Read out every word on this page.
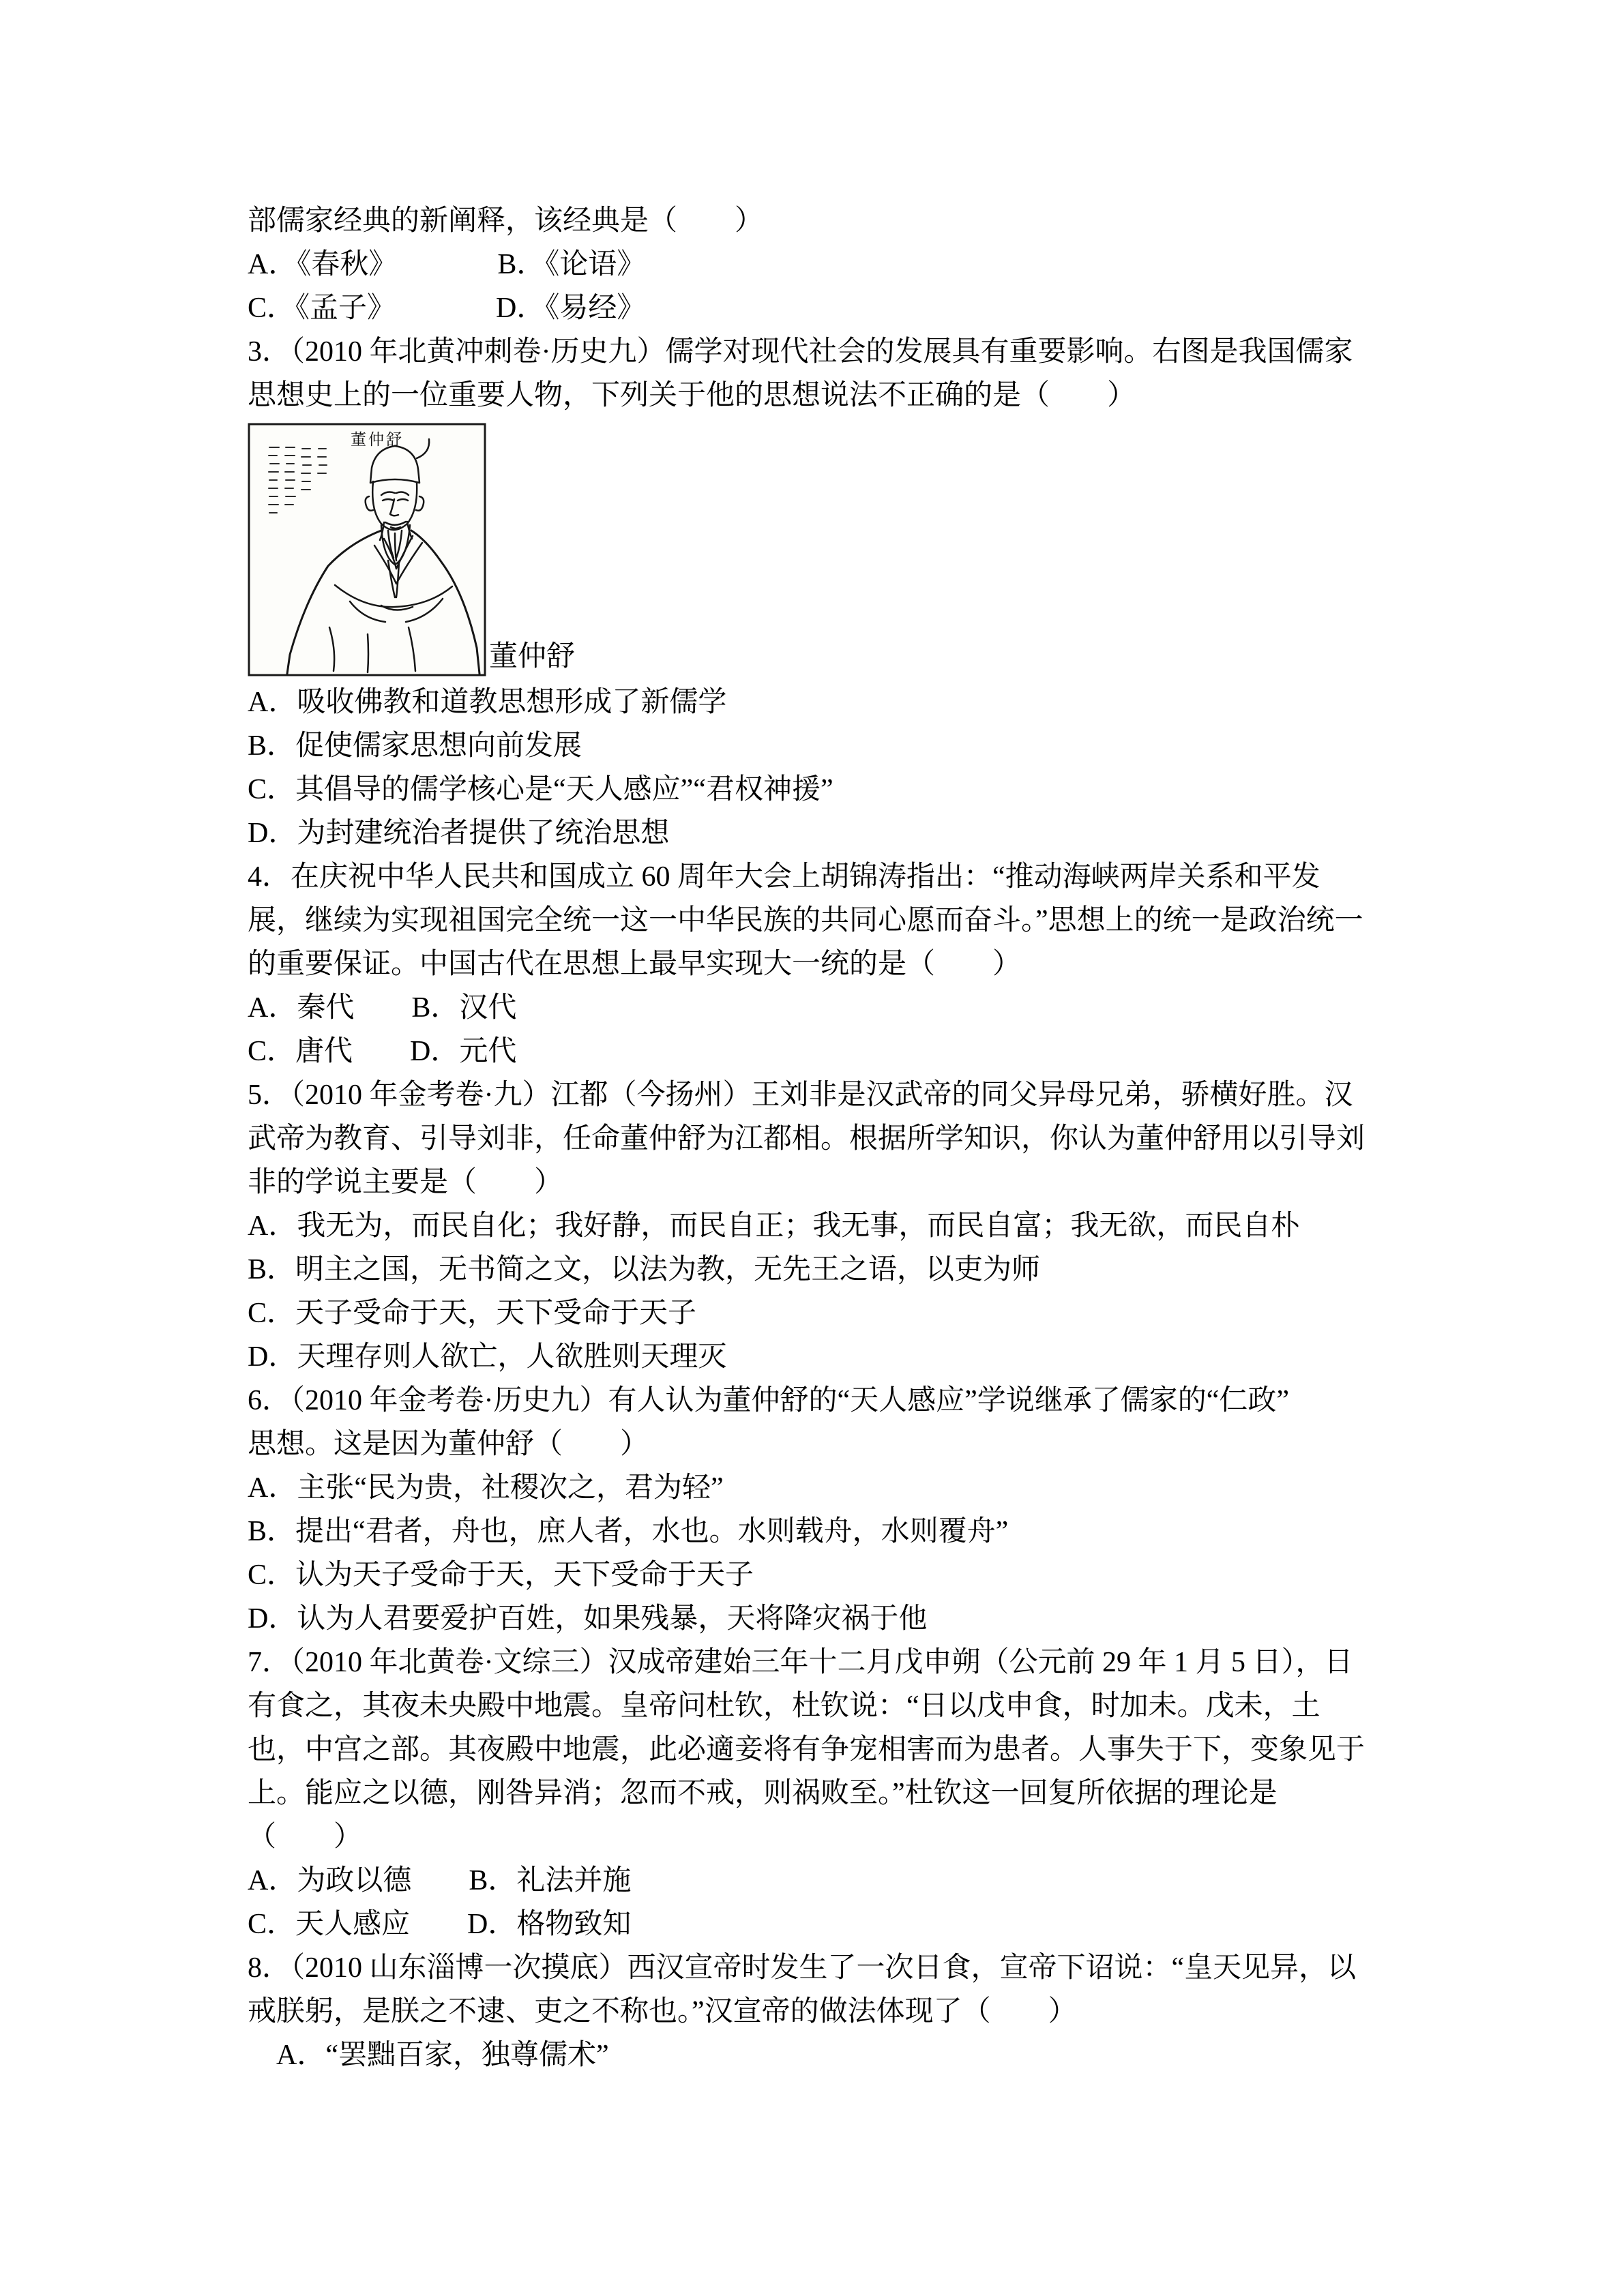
部儒家经典的新阐释，该经典是（　　）
A．《春秋》　　　　B．《论语》
C．《孟子》　　　　D．《易经》
3．（2010 年北黄冲刺卷·历史九）儒学对现代社会的发展具有重要影响。右图是我国儒家
思想史上的一位重要人物，下列关于他的思想说法不正确的是（　　）
董仲舒
董仲舒
A．吸收佛教和道教思想形成了新儒学
B．促使儒家思想向前发展
C．其倡导的儒学核心是“天人感应”“君权神援”
D．为封建统治者提供了统治思想
4．在庆祝中华人民共和国成立 60 周年大会上胡锦涛指出：“推动海峡两岸关系和平发
展，继续为实现祖国完全统一这一中华民族的共同心愿而奋斗。”思想上的统一是政治统一
的重要保证。中国古代在思想上最早实现大一统的是（　　）
A．秦代　　B．汉代
C．唐代　　D．元代
5．（2010 年金考卷·九）江都（今扬州）王刘非是汉武帝的同父异母兄弟，骄横好胜。汉
武帝为教育、引导刘非，任命董仲舒为江都相。根据所学知识，你认为董仲舒用以引导刘
非的学说主要是（　　）
A．我无为，而民自化；我好静，而民自正；我无事，而民自富；我无欲，而民自朴
B．明主之国，无书简之文，以法为教，无先王之语，以吏为师
C．天子受命于天，天下受命于天子
D．天理存则人欲亡，人欲胜则天理灭
6．（2010 年金考卷·历史九）有人认为董仲舒的“天人感应”学说继承了儒家的“仁政”
思想。这是因为董仲舒（　　）
A．主张“民为贵，社稷次之，君为轻”
B．提出“君者，舟也，庶人者，水也。水则载舟，水则覆舟”
C．认为天子受命于天，天下受命于天子
D．认为人君要爱护百姓，如果残暴，天将降灾祸于他
7．（2010 年北黄卷·文综三）汉成帝建始三年十二月戊申朔（公元前 29 年 1 月 5 日），日
有食之，其夜未央殿中地震。皇帝问杜钦，杜钦说：“日以戊申食，时加未。戊未，土
也，中宫之部。其夜殿中地震，此必適妾将有争宠相害而为患者。人事失于下，变象见于
上。能应之以德，刚咎异消；忽而不戒，则祸败至。”杜钦这一回复所依据的理论是
（　　）
A．为政以德　　B．礼法并施
C．天人感应　　D．格物致知
8．（2010 山东淄博一次摸底）西汉宣帝时发生了一次日食，宣帝下诏说：“皇天见异，以
戒朕躬，是朕之不逮、吏之不称也。”汉宣帝的做法体现了（　　）
　A．“罢黜百家，独尊儒术”
